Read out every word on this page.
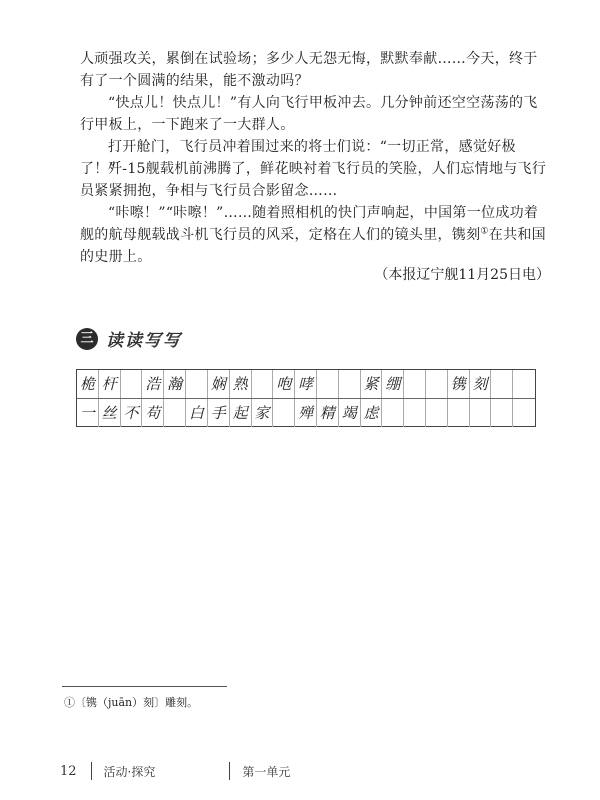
人顽强攻关，累倒在试验场；多少人无怨无悔，默默奉献……今天，终于有了一个圆满的结果，能不激动吗？

“快点儿！快点儿！”有人向飞行甲板冲去。几分钟前还空空荡荡的飞行甲板上，一下跑来了一大群人。

打开舱门，飞行员冲着围过来的将士们说：“一切正常，感觉好极了！”

歼-15舰载机前沸腾了，鲜花映衬着飞行员的笑脸，人们忘情地与飞行员紧紧拥抱，争相与飞行员合影留念……

“咔嚓！”“咔嚓！”……随着照相机的快门声响起，中国第一位成功着舰的航母舰载战斗机飞行员的风采，定格在人们的镜头里，镌刻①在共和国的史册上。

（本报辽宁舰11月25日电）

三
读读写写
桅 杆 浩 瀚 娴 熟 咆 哮	紧 绷	镌 刻
一 丝 不 苟 白 手 起 家 殚 精 竭 虑

①〔镌（juān）刻〕雕刻。

12 活动·探究	第一单元
